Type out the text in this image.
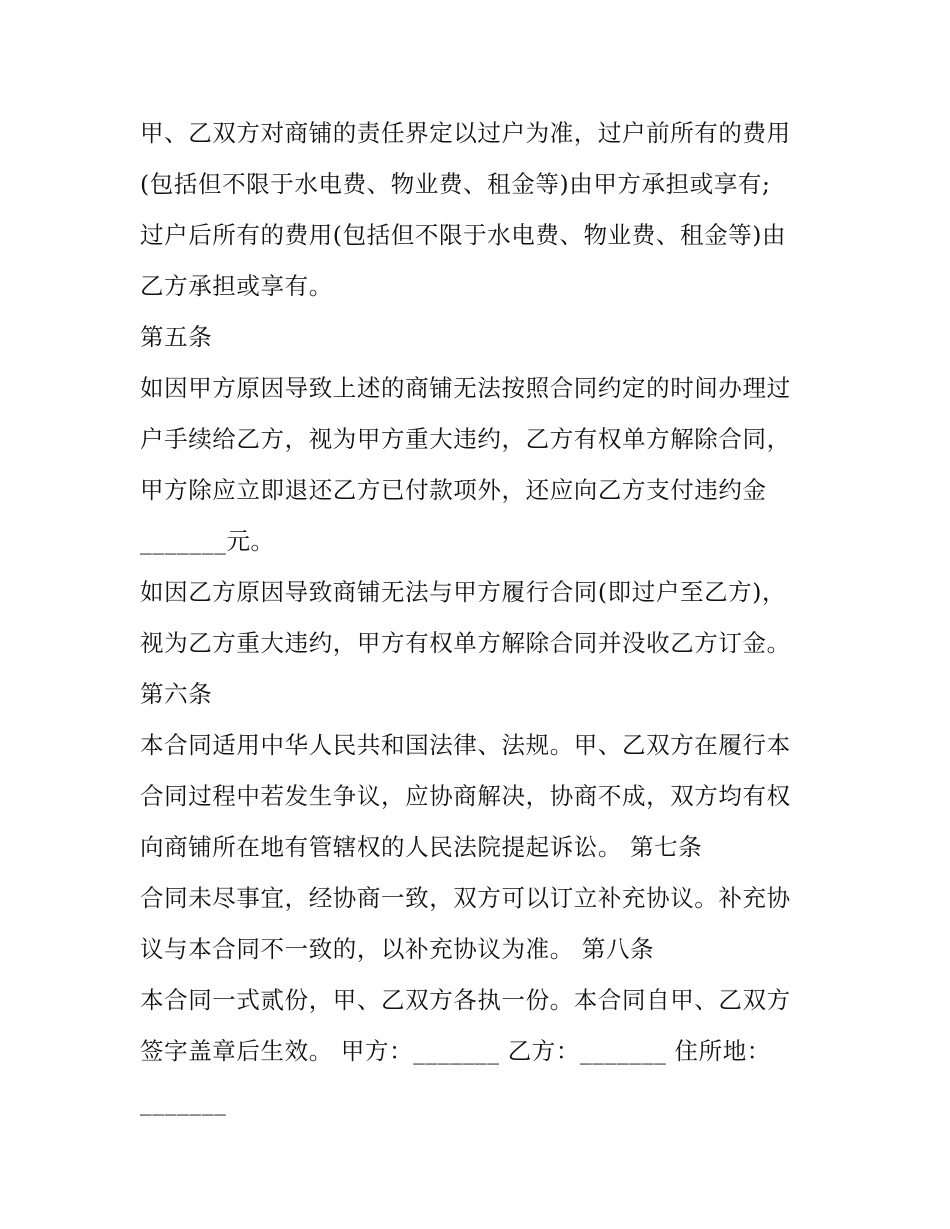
甲、乙双方对商铺的责任界定以过户为准，过户前所有的费用
(包括但不限于水电费、物业费、租金等)由甲方承担或享有;
过户后所有的费用(包括但不限于水电费、物业费、租金等)由
乙方承担或享有。
第五条
如因甲方原因导致上述的商铺无法按照合同约定的时间办理过
户手续给乙方，视为甲方重大违约，乙方有权单方解除合同，
甲方除应立即退还乙方已付款项外，还应向乙方支付违约金
_______元。
如因乙方原因导致商铺无法与甲方履行合同(即过户至乙方)，
视为乙方重大违约，甲方有权单方解除合同并没收乙方订金。
第六条
本合同适用中华人民共和国法律、法规。甲、乙双方在履行本
合同过程中若发生争议，应协商解决，协商不成，双方均有权
向商铺所在地有管辖权的人民法院提起诉讼。 第七条
合同未尽事宜，经协商一致，双方可以订立补充协议。补充协
议与本合同不一致的，以补充协议为准。 第八条
本合同一式贰份，甲、乙双方各执一份。本合同自甲、乙双方
签字盖章后生效。 甲方：_______ 乙方：_______ 住所地：
_______
